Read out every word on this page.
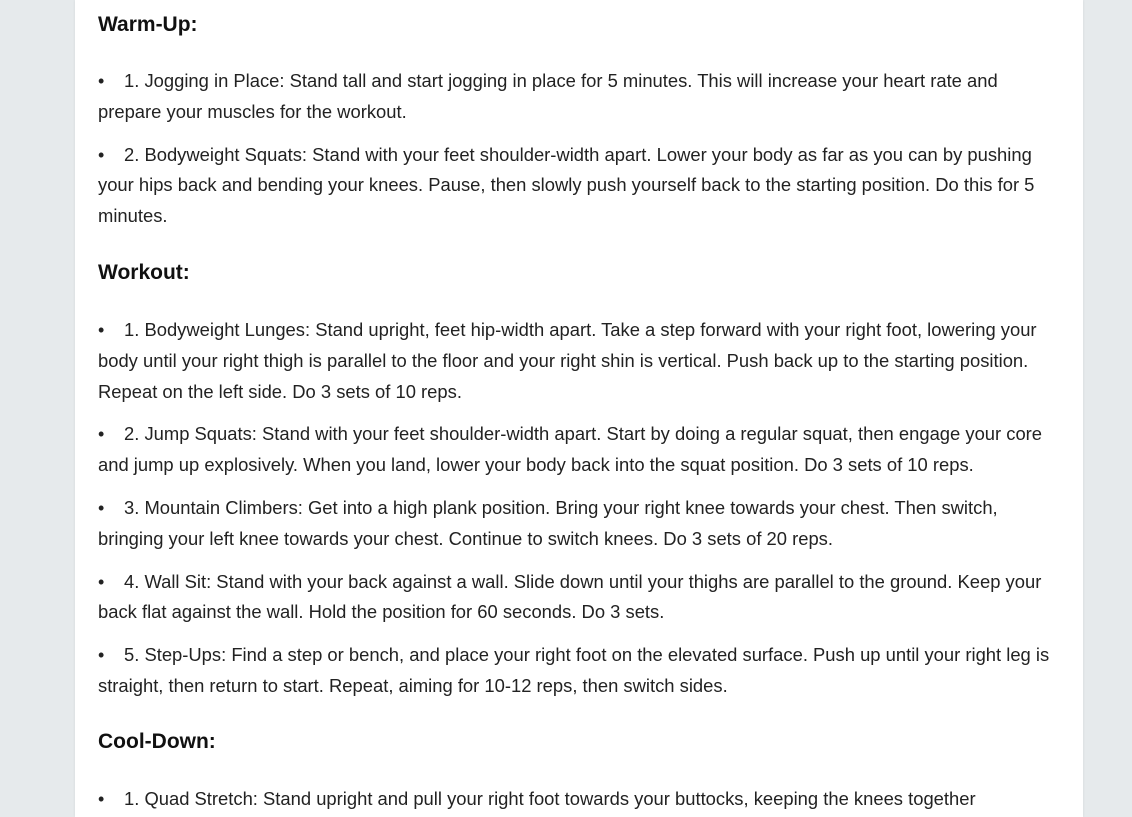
Warm-Up:
• 1. Jogging in Place: Stand tall and start jogging in place for 5 minutes. This will increase your heart rate and prepare your muscles for the workout.
• 2. Bodyweight Squats: Stand with your feet shoulder-width apart. Lower your body as far as you can by pushing your hips back and bending your knees. Pause, then slowly push yourself back to the starting position. Do this for 5 minutes.
Workout:
• 1. Bodyweight Lunges: Stand upright, feet hip-width apart. Take a step forward with your right foot, lowering your body until your right thigh is parallel to the floor and your right shin is vertical. Push back up to the starting position. Repeat on the left side. Do 3 sets of 10 reps.
• 2. Jump Squats: Stand with your feet shoulder-width apart. Start by doing a regular squat, then engage your core and jump up explosively. When you land, lower your body back into the squat position. Do 3 sets of 10 reps.
• 3. Mountain Climbers: Get into a high plank position. Bring your right knee towards your chest. Then switch, bringing your left knee towards your chest. Continue to switch knees. Do 3 sets of 20 reps.
• 4. Wall Sit: Stand with your back against a wall. Slide down until your thighs are parallel to the ground. Keep your back flat against the wall. Hold the position for 60 seconds. Do 3 sets.
• 5. Step-Ups: Find a step or bench, and place your right foot on the elevated surface. Push up until your right leg is straight, then return to start. Repeat, aiming for 10-12 reps, then switch sides.
Cool-Down:
• 1. Quad Stretch: Stand upright and pull your right foot towards your buttocks, keeping the knees together
